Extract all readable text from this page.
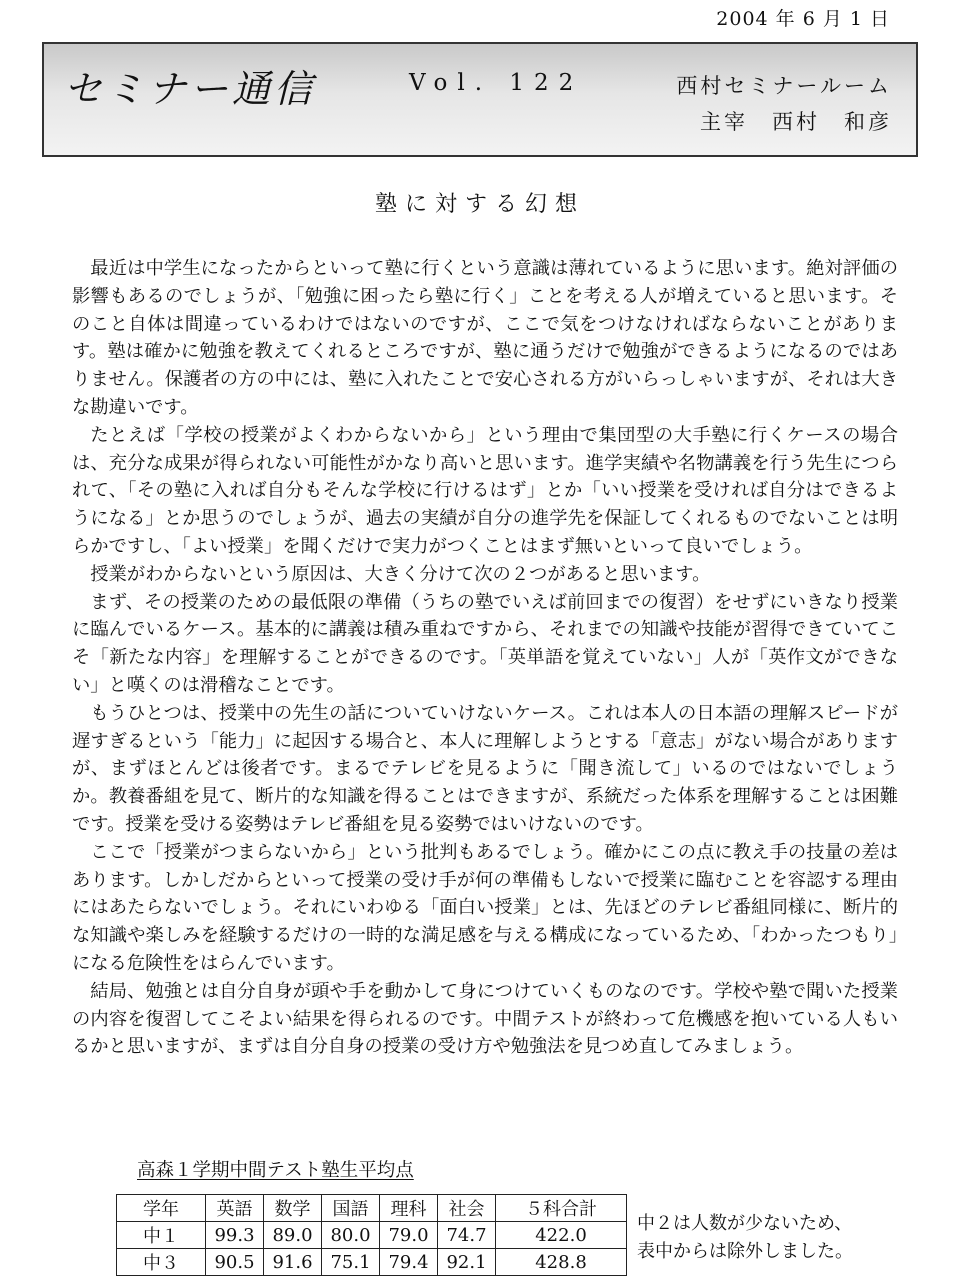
2004 年 6 月 1 日
セミナー通信	Vol. 122	西村セミナールーム
主宰　西村　和彦
塾に対する幻想

最近は中学生になったからといって塾に行くという意識は薄れているように思います。絶対評価の影響もあるのでしょうが、「勉強に困ったら塾に行く」ことを考える人が増えていると思います。そのこと自体は間違っているわけではないのですが、ここで気をつけなければならないことがあります。塾は確かに勉強を教えてくれるところですが、塾に通うだけで勉強ができるようになるのではありません。保護者の方の中には、塾に入れたことで安心される方がいらっしゃいますが、それは大きな勘違いです。

たとえば「学校の授業がよくわからないから」という理由で集団型の大手塾に行くケースの場合は、充分な成果が得られない可能性がかなり高いと思います。進学実績や名物講義を行う先生につられて、「その塾に入れば自分もそんな学校に行けるはず」とか「いい授業を受ければ自分はできるようになる」とか思うのでしょうが、過去の実績が自分の進学先を保証してくれるものでないことは明らかですし、「よい授業」を聞くだけで実力がつくことはまず無いといって良いでしょう。

授業がわからないという原因は、大きく分けて次の２つがあると思います。

まず、その授業のための最低限の準備（うちの塾でいえば前回までの復習）をせずにいきなり授業に臨んでいるケース。基本的に講義は積み重ねですから、それまでの知識や技能が習得できていてこそ「新たな内容」を理解することができるのです。「英単語を覚えていない」人が「英作文ができない」と嘆くのは滑稽なことです。

もうひとつは、授業中の先生の話についていけないケース。これは本人の日本語の理解スピードが遅すぎるという「能力」に起因する場合と、本人に理解しようとする「意志」がない場合がありますが、まずほとんどは後者です。まるでテレビを見るように「聞き流して」いるのではないでしょうか。教養番組を見て、断片的な知識を得ることはできますが、系統だった体系を理解することは困難です。授業を受ける姿勢はテレビ番組を見る姿勢ではいけないのです。

ここで「授業がつまらないから」という批判もあるでしょう。確かにこの点に教え手の技量の差はあります。しかしだからといって授業の受け手が何の準備もしないで授業に臨むことを容認する理由にはあたらないでしょう。それにいわゆる「面白い授業」とは、先ほどのテレビ番組同様に、断片的な知識や楽しみを経験するだけの一時的な満足感を与える構成になっているため、「わかったつもり」になる危険性をはらんでいます。

結局、勉強とは自分自身が頭や手を動かして身につけていくものなのです。学校や塾で聞いた授業の内容を復習してこそよい結果を得られるのです。中間テストが終わって危機感を抱いている人もいるかと思いますが、まずは自分自身の授業の受け方や勉強法を見つめ直してみましょう。

高森１学期中間テスト塾生平均点
学年	英語	数学	国語	理科	社会	５科合計
中１	99.3	89.0	80.0	79.0	74.7	422.0
中３	90.5	91.6	75.1	79.4	92.1	428.8
中２は人数が少ないため、
表中からは除外しました。
